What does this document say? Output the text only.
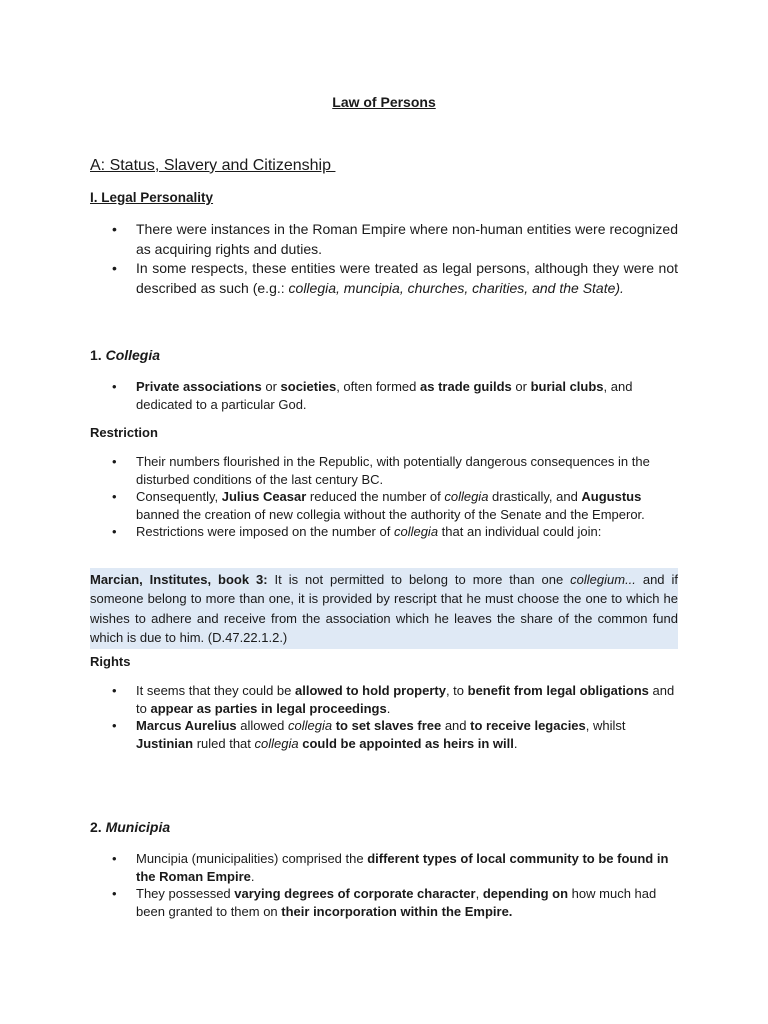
Law of Persons
A: Status, Slavery and Citizenship
I. Legal Personality
• There were instances in the Roman Empire where non-human entities were recognized as acquiring rights and duties.
• In some respects, these entities were treated as legal persons, although they were not described as such (e.g.: collegia, muncipia, churches, charities, and the State).
1. Collegia
• Private associations or societies, often formed as trade guilds or burial clubs, and dedicated to a particular God.
Restriction
• Their numbers flourished in the Republic, with potentially dangerous consequences in the disturbed conditions of the last century BC.
• Consequently, Julius Ceasar reduced the number of collegia drastically, and Augustus banned the creation of new collegia without the authority of the Senate and the Emperor.
• Restrictions were imposed on the number of collegia that an individual could join:
Marcian, Institutes, book 3: It is not permitted to belong to more than one collegium... and if someone belong to more than one, it is provided by rescript that he must choose the one to which he wishes to adhere and receive from the association which he leaves the share of the common fund which is due to him. (D.47.22.1.2.)
Rights
• It seems that they could be allowed to hold property, to benefit from legal obligations and to appear as parties in legal proceedings.
• Marcus Aurelius allowed collegia to set slaves free and to receive legacies, whilst Justinian ruled that collegia could be appointed as heirs in will.
2. Municipia
• Muncipia (municipalities) comprised the different types of local community to be found in the Roman Empire.
• They possessed varying degrees of corporate character, depending on how much had been granted to them on their incorporation within the Empire.
